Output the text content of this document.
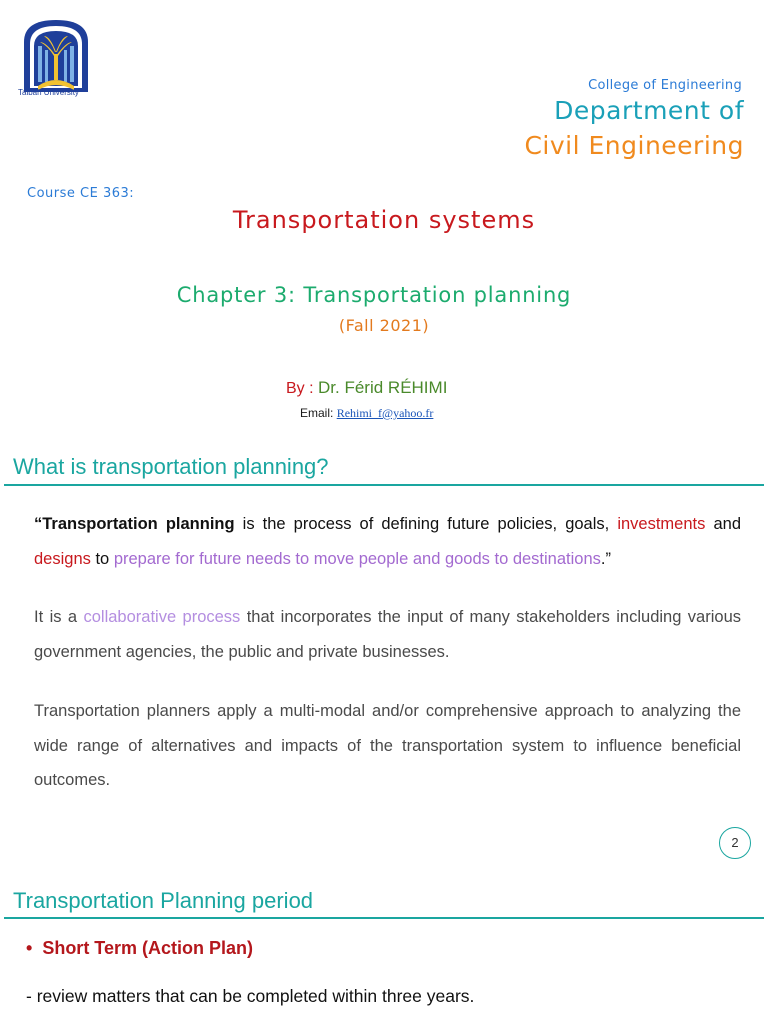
Taibah University	College of Engineering
Department of
Civil Engineering
Course CE 363:
Transportation systems
Chapter 3: Transportation planning
(Fall 2021)
By : Dr. Férid RÉHIMI
Email: Rehimi_f@yahoo.fr
What is transportation planning?
“Transportation planning is the process of defining future policies, goals, investments and designs to prepare for future needs to move people and goods to destinations.”
It is a collaborative process that incorporates the input of many stakeholders including various government agencies, the public and private businesses.
Transportation planners apply a multi-modal and/or comprehensive approach to analyzing the wide range of alternatives and impacts of the transportation system to influence beneficial outcomes.
2
Transportation Planning period
• Short Term (Action Plan)
- review matters that can be completed within three years.
